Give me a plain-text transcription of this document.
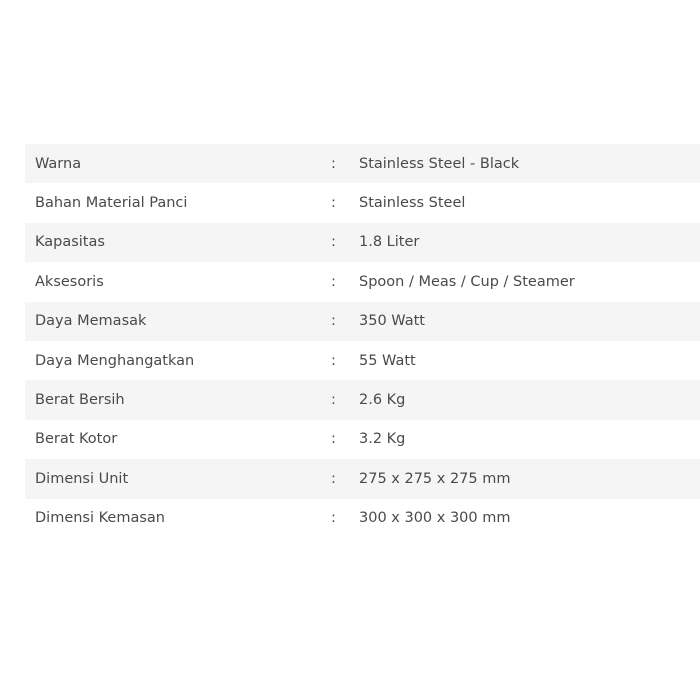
Warna	: Stainless Steel - Black
Bahan Material Panci	: Stainless Steel
Kapasitas	: 1.8 Liter
Aksesoris	: Spoon / Meas / Cup / Steamer
Daya Memasak	: 350 Watt
Daya Menghangatkan	: 55 Watt
Berat Bersih	: 2.6 Kg
Berat Kotor	: 3.2 Kg
Dimensi Unit	: 275 x 275 x 275 mm
Dimensi Kemasan	: 300 x 300 x 300 mm
